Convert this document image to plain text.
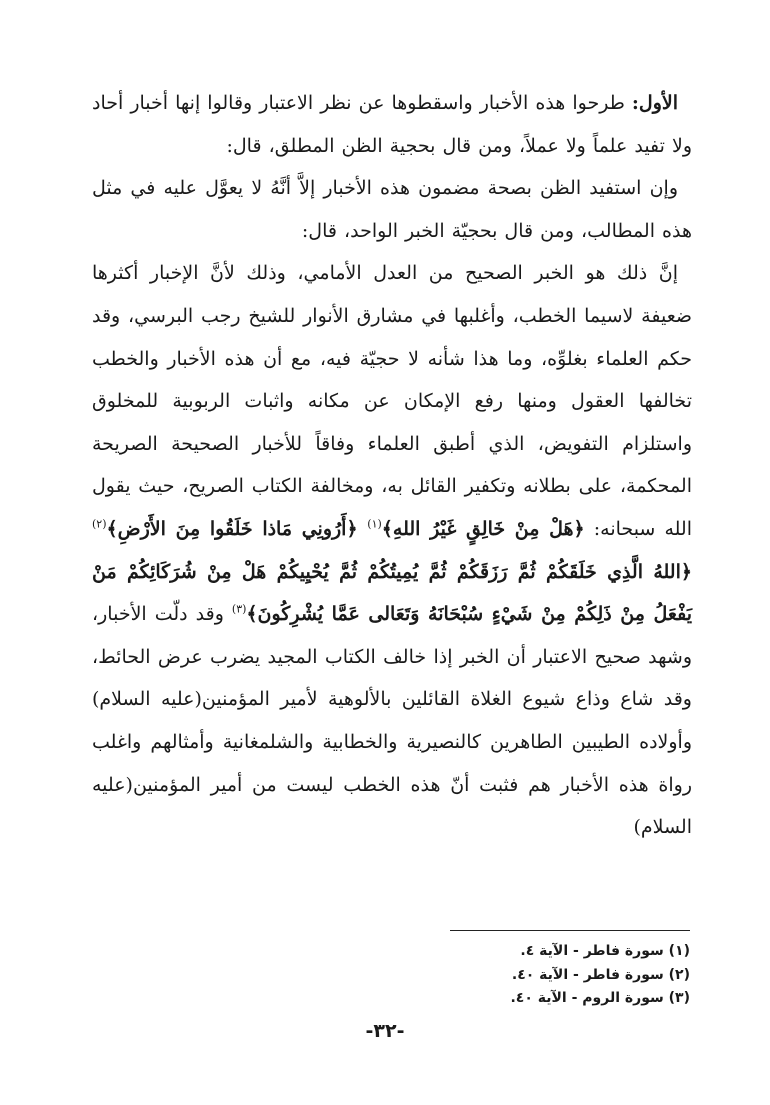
الأول: طرحوا هذه الأخبار واسقطوها عن نظر الاعتبار وقالوا إنها أخبار أحاد ولا تفيد علماً ولا عملاً، ومن قال بحجية الظن المطلق، قال:

وإن استفيد الظن بصحة مضمون هذه الأخبار إلاَّ أنَّهُ لا يعوَّل عليه في مثل هذه المطالب، ومن قال بحجيّة الخبر الواحد، قال:

إنَّ ذلك هو الخبر الصحيح من العدل الأمامي، وذلك لأنَّ الإخبار أكثرها ضعيفة لاسيما الخطب، وأغلبها في مشارق الأنوار للشيخ رجب البرسي، وقد حكم العلماء بغلوِّه، وما هذا شأنه لا حجيّة فيه، مع أن هذه الأخبار والخطب تخالفها العقول ومنها رفع الإمكان عن مكانه واثبات الربوبية للمخلوق واستلزام التفويض، الذي أطبق العلماء وفاقاً للأخبار الصحيحة الصريحة المحكمة، على بطلانه وتكفير القائل به، ومخالفة الكتاب الصريح، حيث يقول الله سبحانه: ﴿هَلْ مِنْ خَالِقٍ غَيْرُ اللهِ﴾$^{(١)}$ ﴿أَرُونِي مَاذا خَلَقُوا مِنَ الأَرْضِ﴾$^{(٢)}$ ﴿اللهُ الَّذِي خَلَقَكُمْ ثُمَّ رَزَقَكُمْ ثُمَّ يُمِيتُكُمْ ثُمَّ يُحْيِيكُمْ هَلْ مِنْ شُرَكَائِكُمْ مَنْ يَفْعَلُ مِنْ ذَلِكُمْ مِنْ شَيْءٍ سُبْحَانَهُ وَتَعَالى عَمَّا يُشْرِكُونَ﴾$^{(٣)}$ وقد دلّت الأخبار، وشهد صحيح الاعتبار أن الخبر إذا خالف الكتاب المجيد يضرب عرض الحائط، وقد شاع وذاع شيوع الغلاة القائلين بالألوهية لأمير المؤمنين(عليه السلام) وأولاده الطيبين الطاهرين كالنصيرية والخطابية والشلمغانية وأمثالهم واغلب رواة هذه الأخبار هم فثبت أنّ هذه الخطب ليست من أمير المؤمنين(عليه السلام)

(١) سورة فاطر - الآية ٤.
(٢) سورة فاطر - الآية ٤٠.
(٣) سورة الروم - الآية ٤٠.
-٣٢-
